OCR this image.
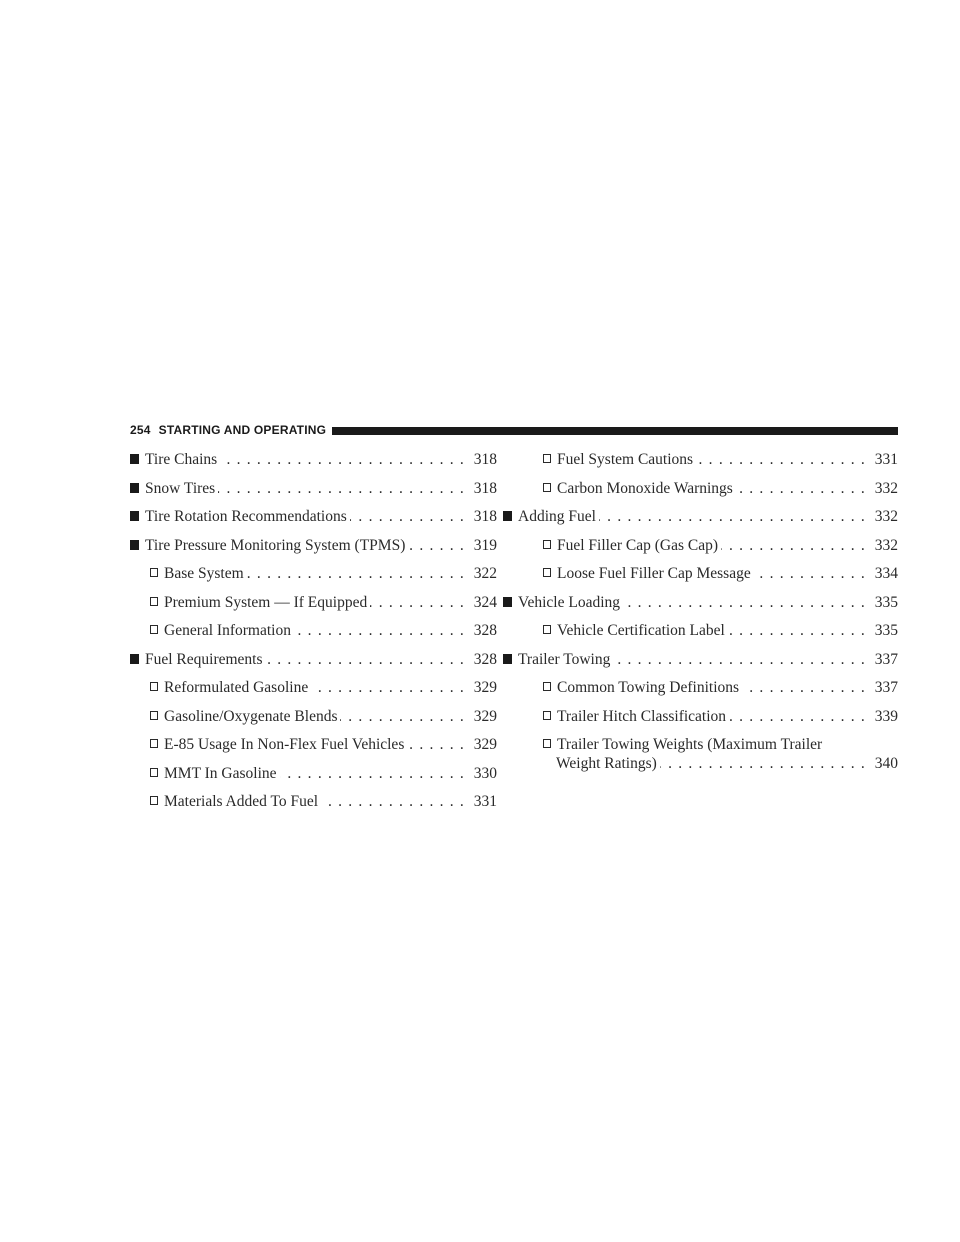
254 STARTING AND OPERATING
Tire Chains . . .	318
Snow Tires . . .	318
Tire Rotation Recommendations . . .	318
Tire Pressure Monitoring System (TPMS) . . .	319
Base System . . .	322
Premium System — If Equipped . . .	324
General Information . . .	328
Fuel Requirements . . .	328
Reformulated Gasoline . . .	329
Gasoline/Oxygenate Blends . . .	329
E-85 Usage In Non-Flex Fuel Vehicles . . .	329
MMT In Gasoline . . .	330
Materials Added To Fuel . . .	331
Fuel System Cautions . . .	331
Carbon Monoxide Warnings . . .	332
Adding Fuel . . .	332
Fuel Filler Cap (Gas Cap) . . .	332
Loose Fuel Filler Cap Message . . .	334
Vehicle Loading . . .	335
Vehicle Certification Label . . .	335
Trailer Towing . . .	337
Common Towing Definitions . . .	337
Trailer Hitch Classification . . .	339
Trailer Towing Weights (Maximum Trailer
Weight Ratings) . . .	340
